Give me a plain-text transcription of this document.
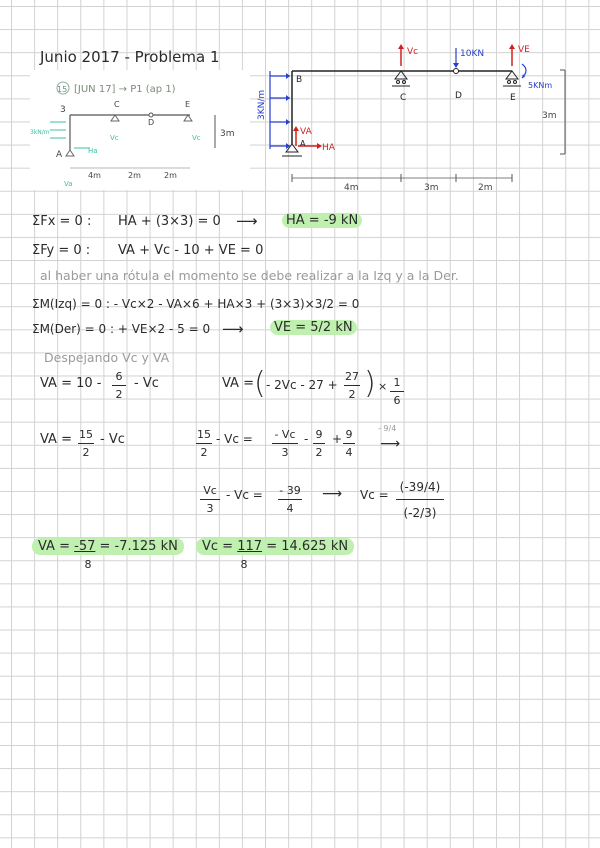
Junio 2017 - Problema 1
15 [JUN 17] → P1 (ap 1)
3
C
D
E
A	Ha
Vc	Vc
Va
3kN/m	3m
4m	2m	2m
3KN/m
Vc	VE
VA
HA
10KN
5KNm
B
A
C	D	E
3m
4m	3m	2m
ΣFx = 0 : HA + (3×3) = 0 ⟶	HA = -9 kN
ΣFy = 0 : VA + Vc - 10 + VE = 0
al haber una rótula el momento se debe realizar a la Izq y a la Der.
ΣM(Izq) = 0 : - Vc×2 - VA×6 + HA×3 + (3×3)×3/2 = 0
ΣM(Der) = 0 : + VE×2 - 5 = 0 ⟶	VE = 5/2 kN
Despejando Vc y VA
VA = 10 -	6
2
- Vc	VA = ( - 2Vc - 27 +
27
2 ) × 1
6
VA = 15
2
- Vc	15
2
- Vc =	- Vc
3
- 9
2
+ 9
4
- 9/4
⟶
Vc
3
- Vc = - 39
4
⟶ Vc =
(-39/4)
(-2/3)
VA = -57 = -7.125 kN
8
Vc = 117 = 14.625 kN
8
